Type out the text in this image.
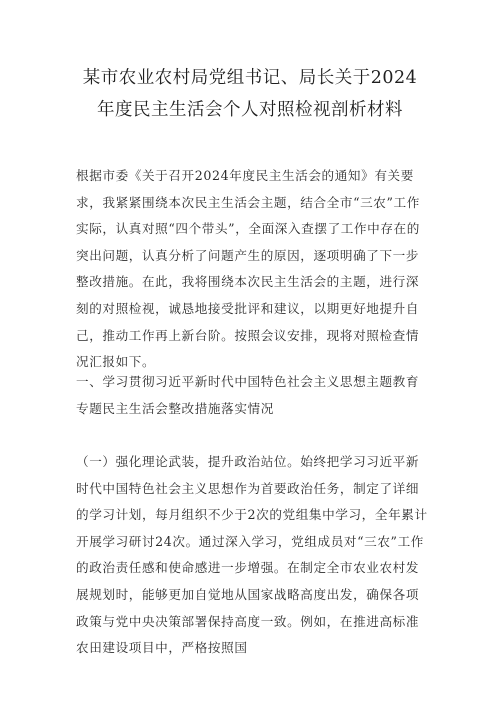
某市农业农村局党组书记、局长关于2024
年度民主生活会个人对照检视剖析材料
根据市委《关于召开2024年度民主生活会的通知》有关要求，我紧紧围绕本次民主生活会主题，结合全市“三农”工作实际，认真对照“四个带头”，全面深入查摆了工作中存在的突出问题，认真分析了问题产生的原因，逐项明确了下一步整改措施。在此，我将围绕本次民主生活会的主题，进行深刻的对照检视，诚恳地接受批评和建议，以期更好地提升自己，推动工作再上新台阶。按照会议安排，现将对照检查情况汇报如下。
一、学习贯彻习近平新时代中国特色社会主义思想主题教育专题民主生活会整改措施落实情况
（一）强化理论武装，提升政治站位。始终把学习习近平新时代中国特色社会主义思想作为首要政治任务，制定了详细的学习计划，每月组织不少于2次的党组集中学习，全年累计开展学习研讨24次。通过深入学习，党组成员对“三农”工作的政治责任感和使命感进一步增强。在制定全市农业农村发展规划时，能够更加自觉地从国家战略高度出发，确保各项政策与党中央决策部署保持高度一致。例如，在推进高标准农田建设项目中，严格按照国
